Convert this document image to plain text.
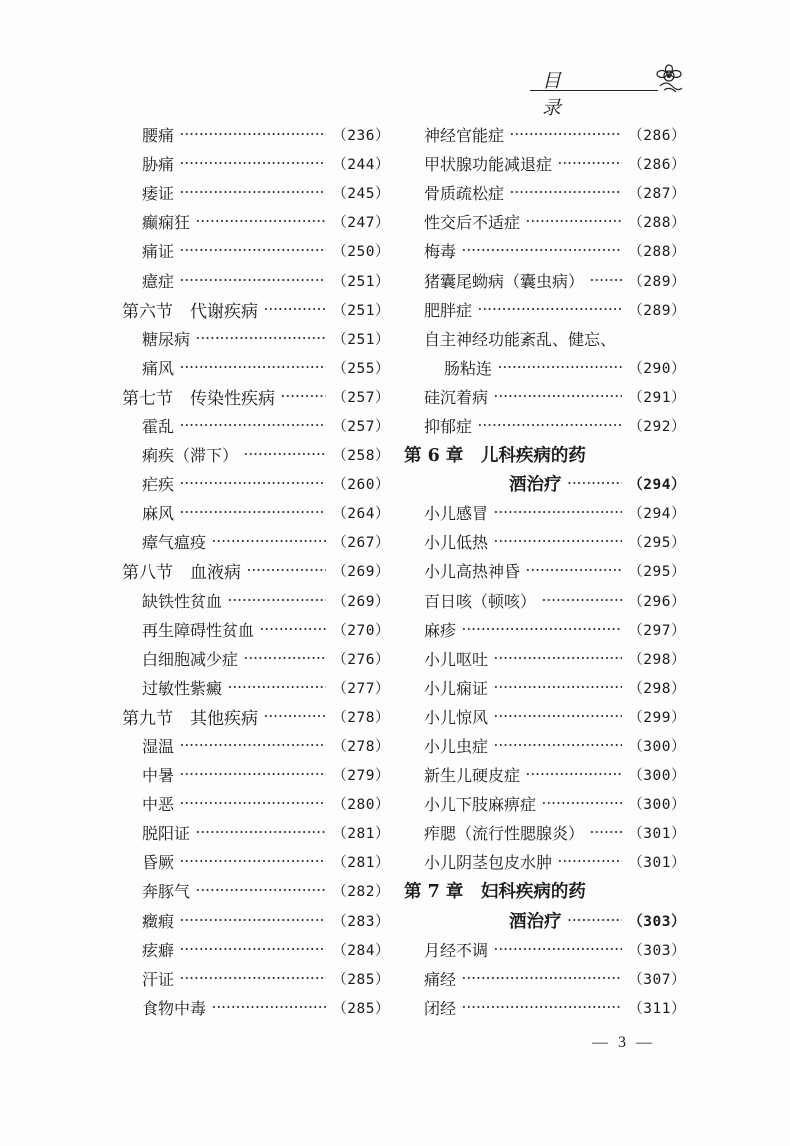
目 录
腰痛 ·····	（236）
胁痛 ·····	（244）
痿证 ·····	（245）
癫痫狂 ·····	（247）
痛证 ·····	（250）
癔症 ·····	（251）
第六节　代谢疾病 ·····	（251）
糖尿病 ·····	（251）
痛风 ·····	（255）
第七节　传染性疾病 ·····	（257）
霍乱 ·····	（257）
痢疾（滞下） ·····	（258）
疟疾 ·····	（260）
麻风 ·····	（264）
瘴气瘟疫 ·····	（267）
第八节　血液病 ·····	（269）
缺铁性贫血 ·····	（269）
再生障碍性贫血 ·····	（270）
白细胞减少症 ·····	（276）
过敏性紫癜 ·····	（277）
第九节　其他疾病 ·····	（278）
湿温 ·····	（278）
中暑 ·····	（279）
中恶 ·····	（280）
脱阳证 ·····	（281）
昏厥 ·····	（281）
奔豚气 ·····	（282）
癥瘕 ·····	（283）
痃癖 ·····	（284）
汗证 ·····	（285）
食物中毒 ·····	（285）
神经官能症 ·····	（286）
甲状腺功能减退症 ·····	（286）
骨质疏松症 ·····	（287）
性交后不适症 ·····	（288）
梅毒 ·····	（288）
猪囊尾蚴病（囊虫病） ·····	（289）
肥胖症 ·····	（289）
自主神经功能紊乱、健忘、
肠粘连 ·····	（290）
硅沉着病 ·····	（291）
抑郁症 ·····	（292）
第 6 章　儿科疾病的药
酒治疗 ·····	（294）
小儿感冒 ·····	（294）
小儿低热 ·····	（295）
小儿高热神昏 ·····	（295）
百日咳（顿咳） ·····	（296）
麻疹 ·····	（297）
小儿呕吐 ·····	（298）
小儿痫证 ·····	（298）
小儿惊风 ·····	（299）
小儿虫症 ·····	（300）
新生儿硬皮症 ·····	（300）
小儿下肢麻痹症 ·····	（300）
痄腮（流行性腮腺炎） ·····	（301）
小儿阴茎包皮水肿 ·····	（301）
第 7 章　妇科疾病的药
酒治疗 ·····	（303）
月经不调 ·····	（303）
痛经 ·····	（307）
闭经 ·····	（311）
— 3 —
